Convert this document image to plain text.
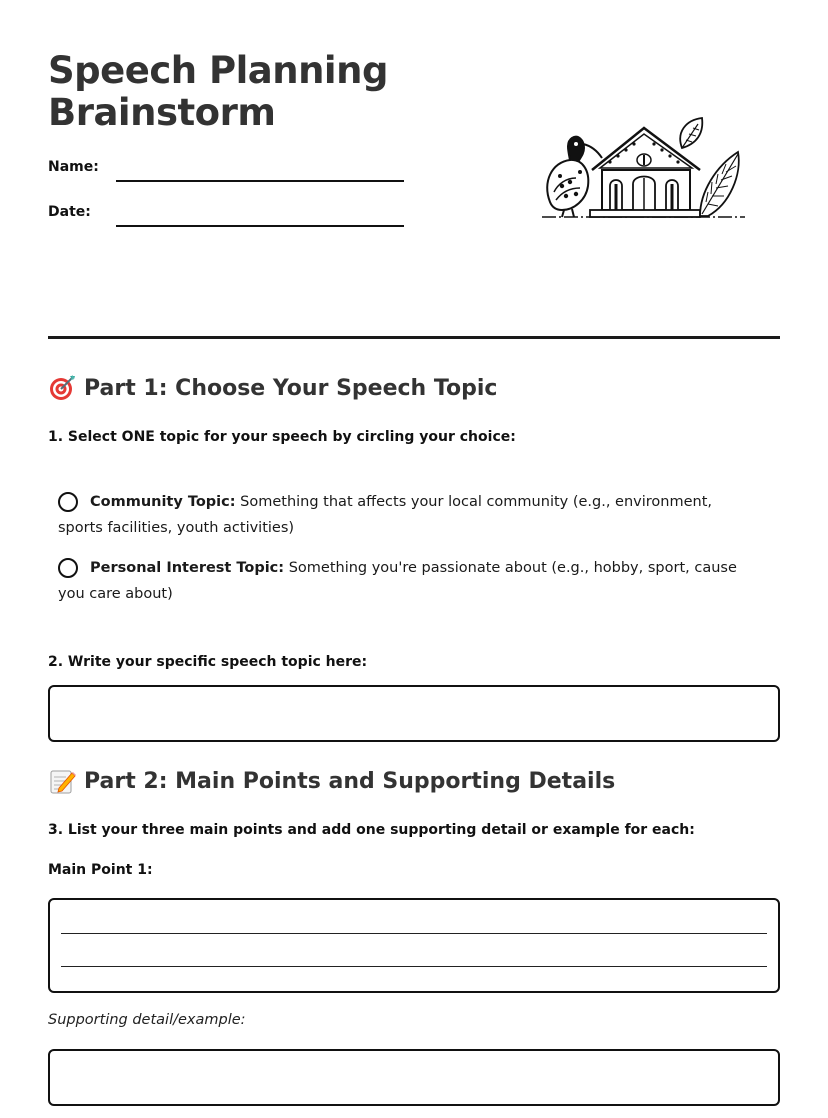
Speech Planning
Brainstorm
Name:
Date:
Part 1: Choose Your Speech Topic
1. Select ONE topic for your speech by circling your choice:
Community Topic: Something that affects your local community (e.g., environment, sports facilities, youth activities)
Personal Interest Topic: Something you're passionate about (e.g., hobby, sport, cause you care about)
2. Write your specific speech topic here:
Part 2: Main Points and Supporting Details
3. List your three main points and add one supporting detail or example for each:
Main Point 1:
Supporting detail/example:
